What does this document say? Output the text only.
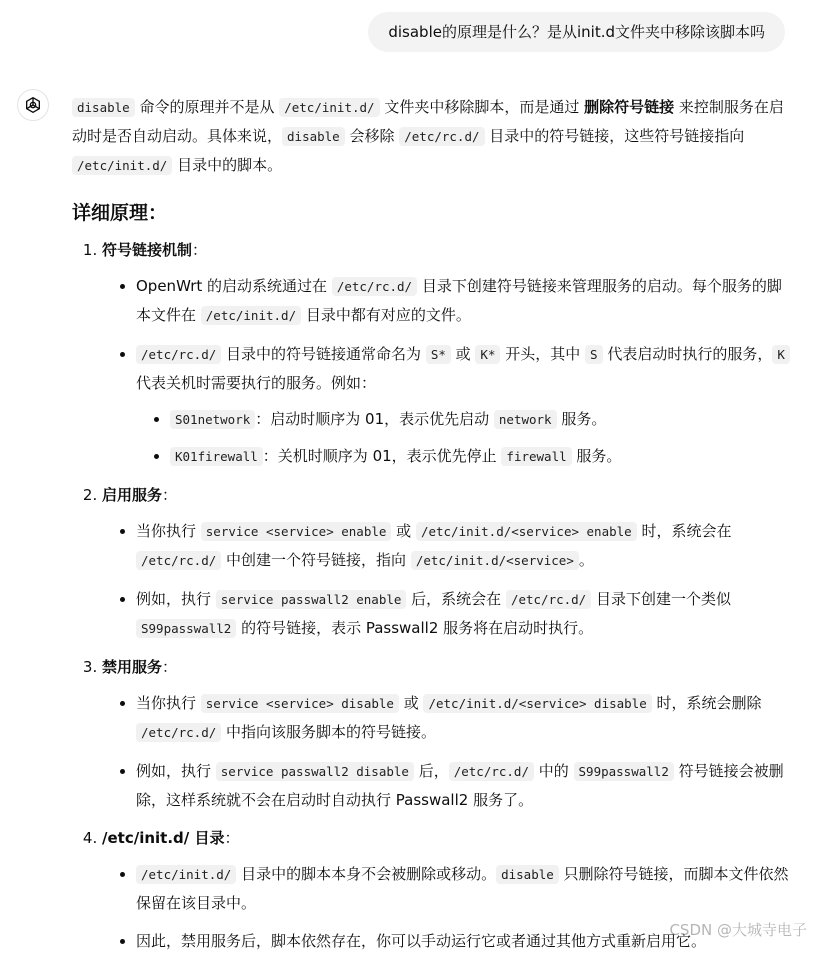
disable的原理是什么？是从init.d文件夹中移除该脚本吗

disable 命令的原理并不是从 /etc/init.d/ 文件夹中移除脚本，而是通过 删除符号链接 来控制服务在启动时是否自动启动。具体来说， disable 会移除 /etc/rc.d/ 目录中的符号链接，这些符号链接指向 /etc/init.d/ 目录中的脚本。

详细原理：
1. 符号链接机制：
• OpenWrt 的启动系统通过在 /etc/rc.d/ 目录下创建符号链接来管理服务的启动。每个服务的脚本文件在 /etc/init.d/ 目录中都有对应的文件。
• /etc/rc.d/ 目录中的符号链接通常命名为 S* 或 K* 开头，其中 S 代表启动时执行的服务， K 代表关机时需要执行的服务。例如：
• S01network ：启动时顺序为 01，表示优先启动 network 服务。
• K01firewall ：关机时顺序为 01，表示优先停止 firewall 服务。
2. 启用服务：
• 当你执行 service <service> enable 或 /etc/init.d/<service> enable 时，系统会在 /etc/rc.d/ 中创建一个符号链接，指向 /etc/init.d/<service> 。
• 例如，执行 service passwall2 enable 后，系统会在 /etc/rc.d/ 目录下创建一个类似 S99passwall2 的符号链接，表示 Passwall2 服务将在启动时执行。
3. 禁用服务：
• 当你执行 service <service> disable 或 /etc/init.d/<service> disable 时，系统会删除 /etc/rc.d/ 中指向该服务脚本的符号链接。
• 例如，执行 service passwall2 disable 后， /etc/rc.d/ 中的 S99passwall2 符号链接会被删除，这样系统就不会在启动时自动执行 Passwall2 服务了。
4. /etc/init.d/ 目录：
• /etc/init.d/ 目录中的脚本本身不会被删除或移动。 disable 只删除符号链接，而脚本文件依然保留在该目录中。
• 因此，禁用服务后，脚本依然存在，你可以手动运行它或者通过其他方式重新启用它。
CSDN @大城寺电子
